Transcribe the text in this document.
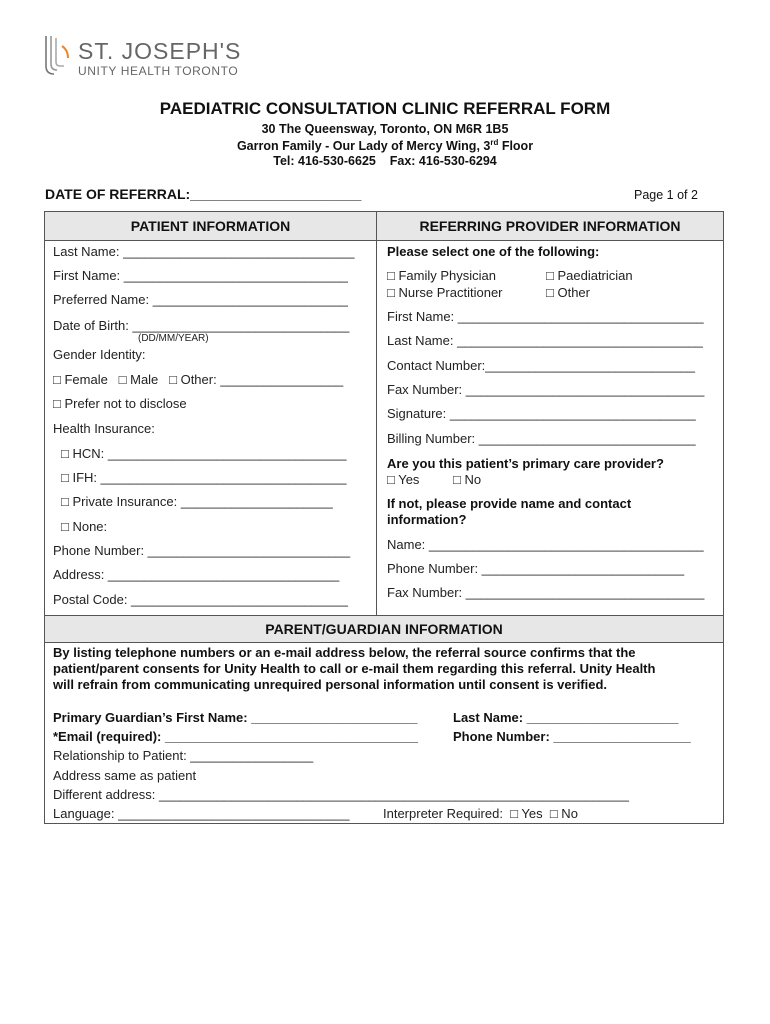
ST. JOSEPH'S
UNITY HEALTH TORONTO
PAEDIATRIC CONSULTATION CLINIC REFERRAL FORM
30 The Queensway, Toronto, ON M6R 1B5
Garron Family - Our Lady of Mercy Wing, 3rd Floor
Tel: 416-530-6625    Fax: 416-530-6294
DATE OF REFERRAL:______________________	Page 1 of 2
PATIENT INFORMATION	REFERRING PROVIDER INFORMATION
Last Name: ________________________________
First Name: _______________________________
Preferred Name: ___________________________
Date of Birth: ______________________________
(DD/MM/YEAR)
Gender Identity:
□ Female   □ Male   □ Other: _________________
□ Prefer not to disclose
Health Insurance:
□ HCN: _________________________________
□ IFH: __________________________________
□ Private Insurance: _____________________
□ None:
Phone Number: ____________________________
Address: ________________________________
Postal Code: ______________________________
Please select one of the following:
□ Family Physician	□ Paediatrician
□ Nurse Practitioner	□ Other
First Name: __________________________________
Last Name: __________________________________
Contact Number:_____________________________
Fax Number: _________________________________
Signature: __________________________________
Billing Number: ______________________________
Are you this patient’s primary care provider?
□ Yes	□ No
If not, please provide name and contact
information?
Name: ______________________________________
Phone Number: ____________________________
Fax Number: _________________________________
PARENT/GUARDIAN INFORMATION
By listing telephone numbers or an e-mail address below, the referral source confirms that the
patient/parent consents for Unity Health to call or e-mail them regarding this referral. Unity Health
will refrain from communicating unrequired personal information until consent is verified.
Primary Guardian’s First Name: _______________________	Last Name: _____________________
*Email (required): ___________________________________	Phone Number: ___________________
Relationship to Patient: _________________
Address same as patient
Different address: _________________________________________________________________
Language: ________________________________	Interpreter Required:  □ Yes  □ No
